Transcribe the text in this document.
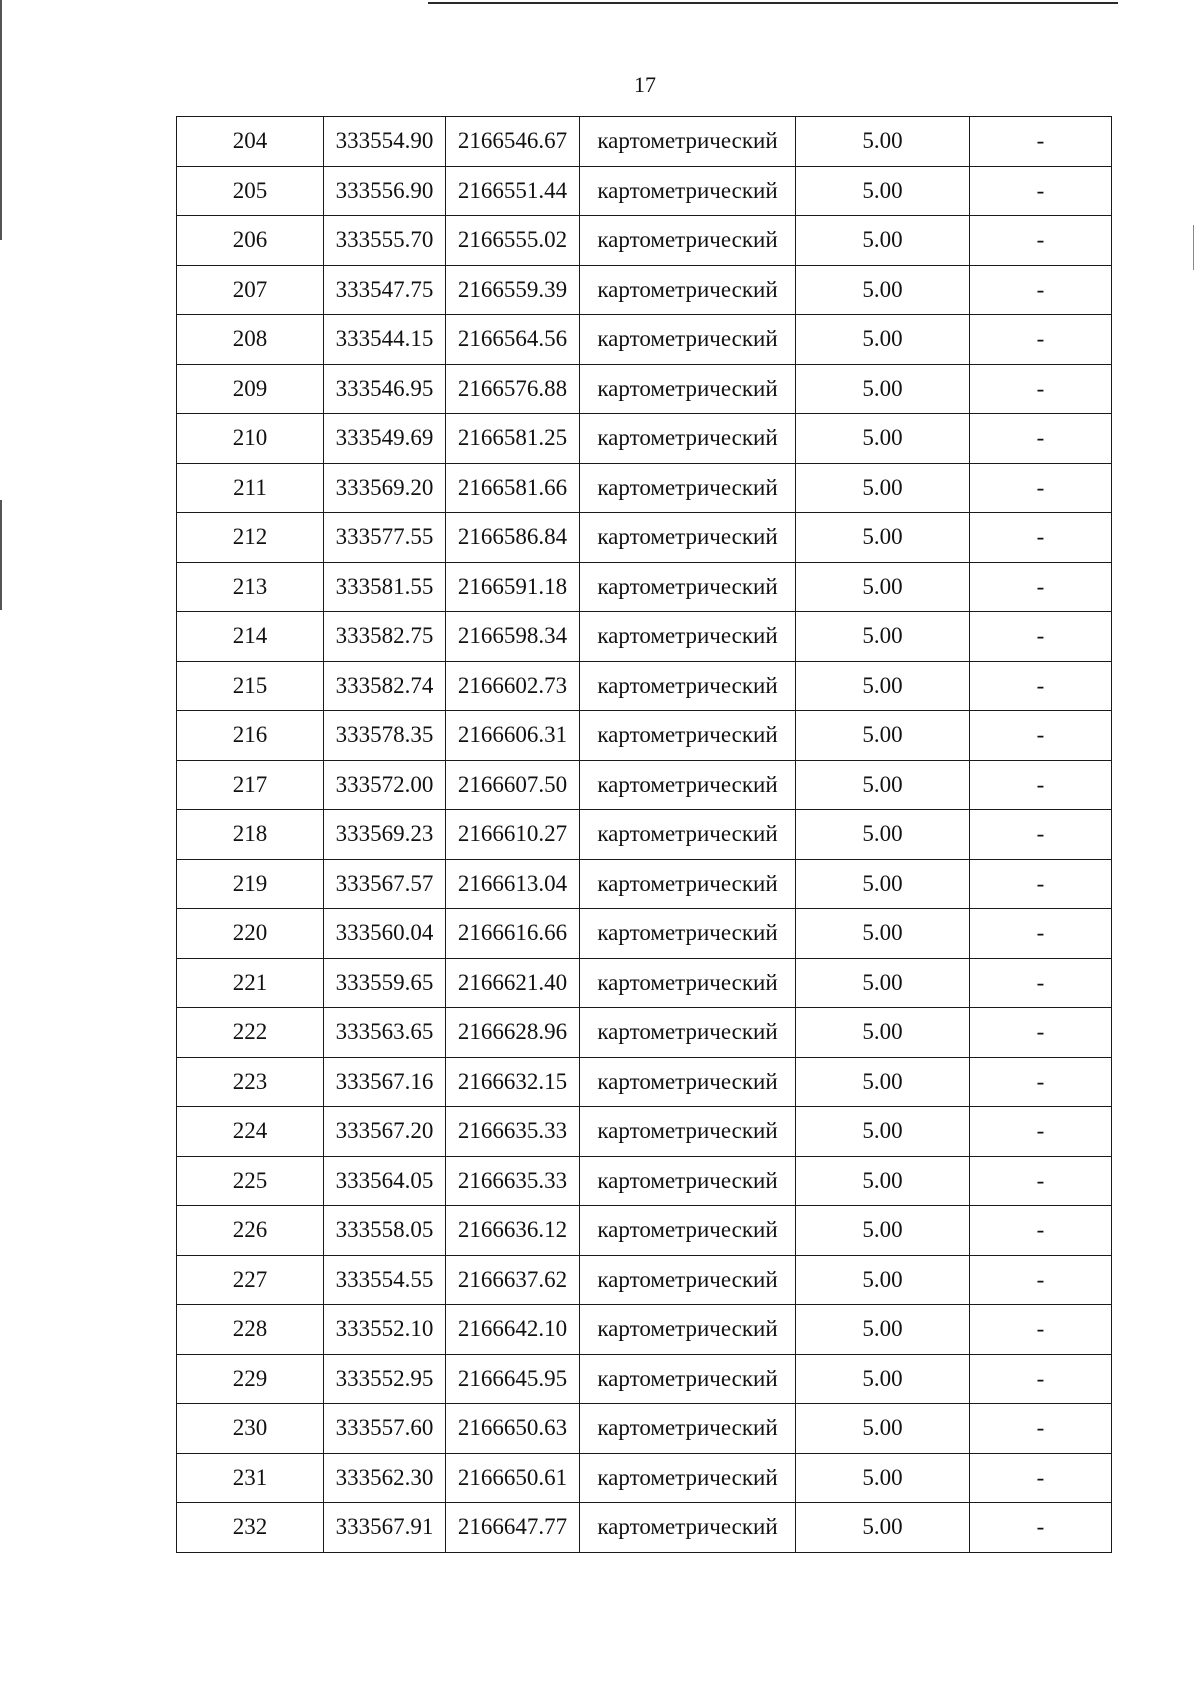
17
204	333554.90	2166546.67	картометрический	5.00	-
205	333556.90	2166551.44	картометрический	5.00	-
206	333555.70	2166555.02	картометрический	5.00	-
207	333547.75	2166559.39	картометрический	5.00	-
208	333544.15	2166564.56	картометрический	5.00	-
209	333546.95	2166576.88	картометрический	5.00	-
210	333549.69	2166581.25	картометрический	5.00	-
211	333569.20	2166581.66	картометрический	5.00	-
212	333577.55	2166586.84	картометрический	5.00	-
213	333581.55	2166591.18	картометрический	5.00	-
214	333582.75	2166598.34	картометрический	5.00	-
215	333582.74	2166602.73	картометрический	5.00	-
216	333578.35	2166606.31	картометрический	5.00	-
217	333572.00	2166607.50	картометрический	5.00	-
218	333569.23	2166610.27	картометрический	5.00	-
219	333567.57	2166613.04	картометрический	5.00	-
220	333560.04	2166616.66	картометрический	5.00	-
221	333559.65	2166621.40	картометрический	5.00	-
222	333563.65	2166628.96	картометрический	5.00	-
223	333567.16	2166632.15	картометрический	5.00	-
224	333567.20	2166635.33	картометрический	5.00	-
225	333564.05	2166635.33	картометрический	5.00	-
226	333558.05	2166636.12	картометрический	5.00	-
227	333554.55	2166637.62	картометрический	5.00	-
228	333552.10	2166642.10	картометрический	5.00	-
229	333552.95	2166645.95	картометрический	5.00	-
230	333557.60	2166650.63	картометрический	5.00	-
231	333562.30	2166650.61	картометрический	5.00	-
232	333567.91	2166647.77	картометрический	5.00	-
